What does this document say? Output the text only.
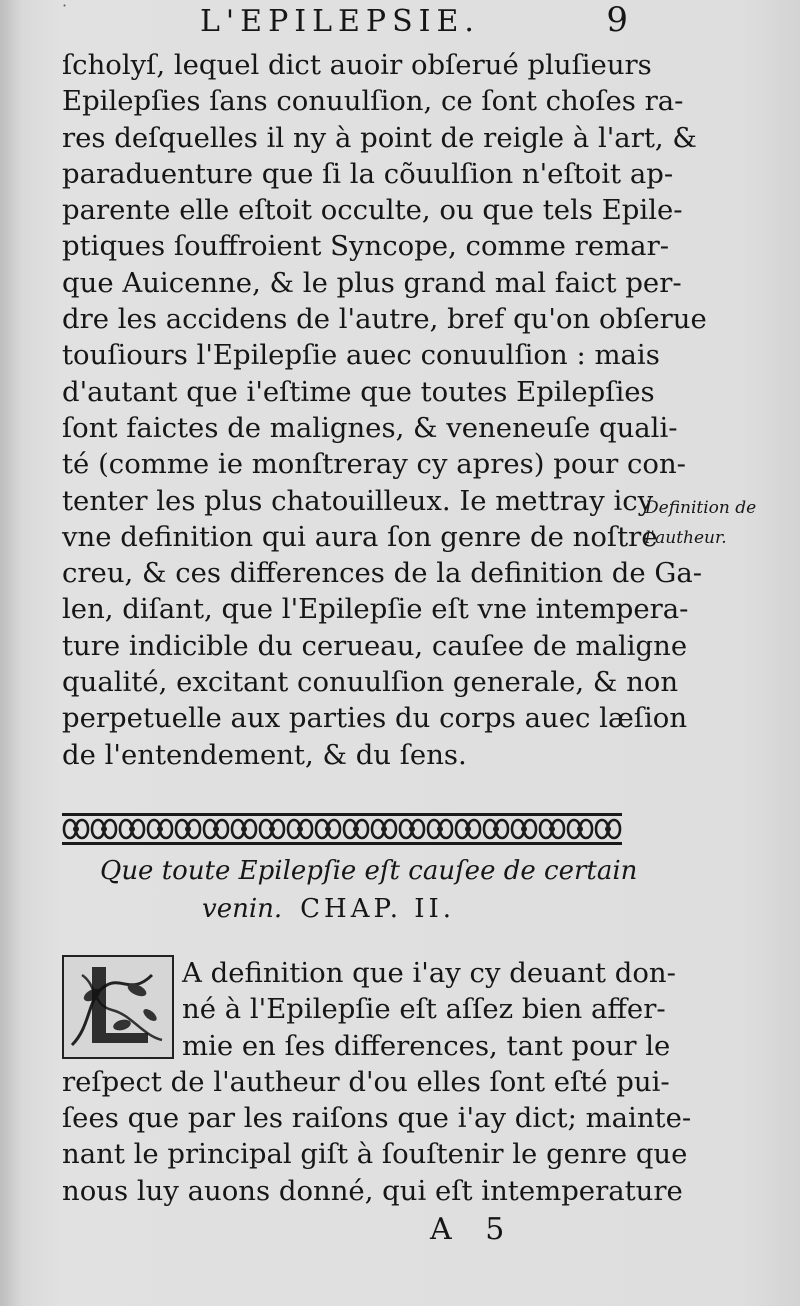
·	L'EPILEPSIE.	9
ſcholyſ, lequel dict auoir obſerué pluſieurs
Epilepſies ſans conuulſion, ce ſont choſes ra-
res deſquelles il ny à point de reigle à l'art, &
paraduenture que ſi la cõuulſion n'eſtoit ap-
parente elle eſtoit occulte, ou que tels Epile-
ptiques ſouffroient Syncope, comme remar-
que Auicenne, & le plus grand mal faict per-
dre les accidens de l'autre, bref qu'on obſerue
touſiours l'Epilepſie auec conuulſion : mais
d'autant que i'eſtime que toutes Epilepſies
ſont faictes de malignes, & veneneuſe quali-
té (comme ie monſtreray cy apres) pour con-
tenter les plus chatouilleux. Ie mettray icy
vne definition qui aura ſon genre de noſtre
creu, & ces differences de la definition de Ga-
len, diſant, que l'Epilepſie eſt vne intempera-
ture indicible du cerueau, cauſee de maligne
qualité, excitant conuulſion generale, & non
perpetuelle aux parties du corps auec læſion
de l'entendement, & du ſens.
Definition de
l'autheur.
Que toute Epilepſie eſt cauſee de certain
venin. CHAP. II.
A definition que i'ay cy deuant don-
né à l'Epilepſie eſt aſſez bien affer-
mie en ſes differences, tant pour le
reſpect de l'autheur d'ou elles ſont eſté pui-
ſees que par les raiſons que i'ay dict; mainte-
nant le principal giſt à ſouſtenir le genre que
nous luy auons donné, qui eſt intemperature
A 5
